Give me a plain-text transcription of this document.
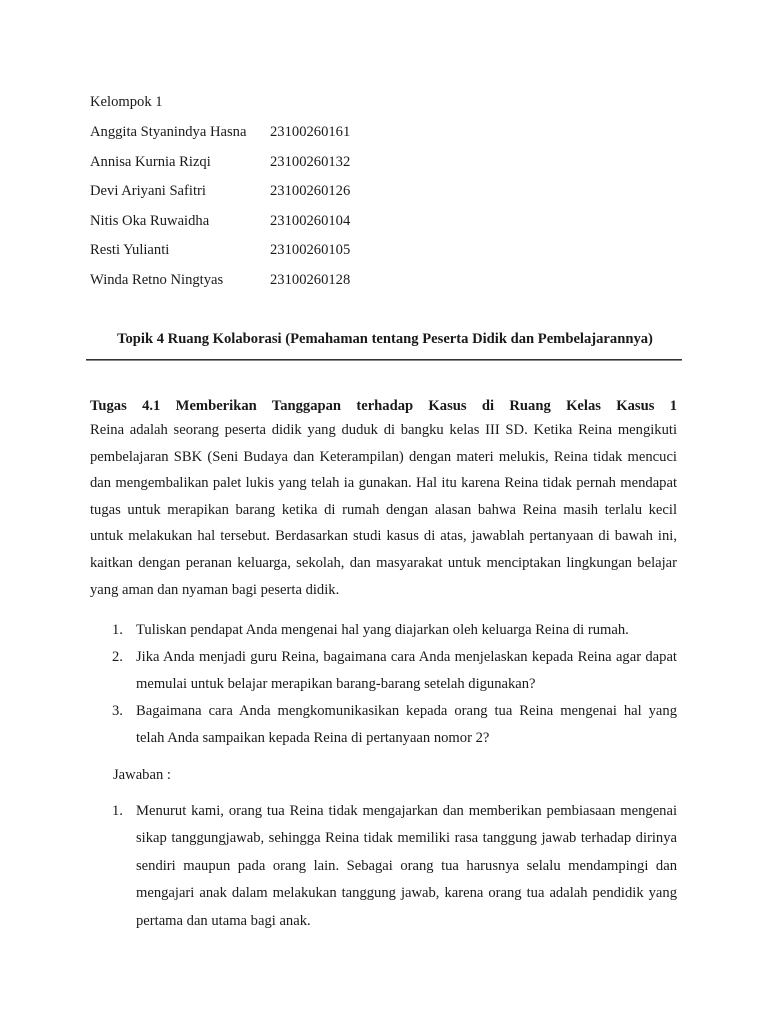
Kelompok 1
Anggita Styanindya Hasna 23100260161
Annisa Kurnia Rizqi	23100260132
Devi Ariyani Safitri	23100260126
Nitis Oka Ruwaidha	23100260104
Resti Yulianti	23100260105
Winda Retno Ningtyas	23100260128
Topik 4 Ruang Kolaborasi (Pemahaman tentang Peserta Didik dan Pembelajarannya)
Tugas 4.1 Memberikan Tanggapan terhadap Kasus di Ruang Kelas Kasus 1
Reina adalah seorang peserta didik yang duduk di bangku kelas III SD. Ketika Reina mengikuti
pembelajaran SBK (Seni Budaya dan Keterampilan) dengan materi melukis, Reina tidak mencuci
dan mengembalikan palet lukis yang telah ia gunakan. Hal itu karena Reina tidak pernah mendapat
tugas untuk merapikan barang ketika di rumah dengan alasan bahwa Reina masih terlalu kecil
untuk melakukan hal tersebut. Berdasarkan studi kasus di atas, jawablah pertanyaan di bawah ini,
kaitkan dengan peranan keluarga, sekolah, dan masyarakat untuk menciptakan lingkungan belajar
yang aman dan nyaman bagi peserta didik.
1. Tuliskan pendapat Anda mengenai hal yang diajarkan oleh keluarga Reina di rumah.
2. Jika Anda menjadi guru Reina, bagaimana cara Anda menjelaskan kepada Reina agar dapat
memulai untuk belajar merapikan barang-barang setelah digunakan?
3. Bagaimana cara Anda mengkomunikasikan kepada orang tua Reina mengenai hal yang
telah Anda sampaikan kepada Reina di pertanyaan nomor 2?
Jawaban :
1. Menurut kami, orang tua Reina tidak mengajarkan dan memberikan pembiasaan mengenai
sikap tanggungjawab, sehingga Reina tidak memiliki rasa tanggung jawab terhadap dirinya
sendiri maupun pada orang lain. Sebagai orang tua harusnya selalu mendampingi dan
mengajari anak dalam melakukan tanggung jawab, karena orang tua adalah pendidik yang
pertama dan utama bagi anak.
